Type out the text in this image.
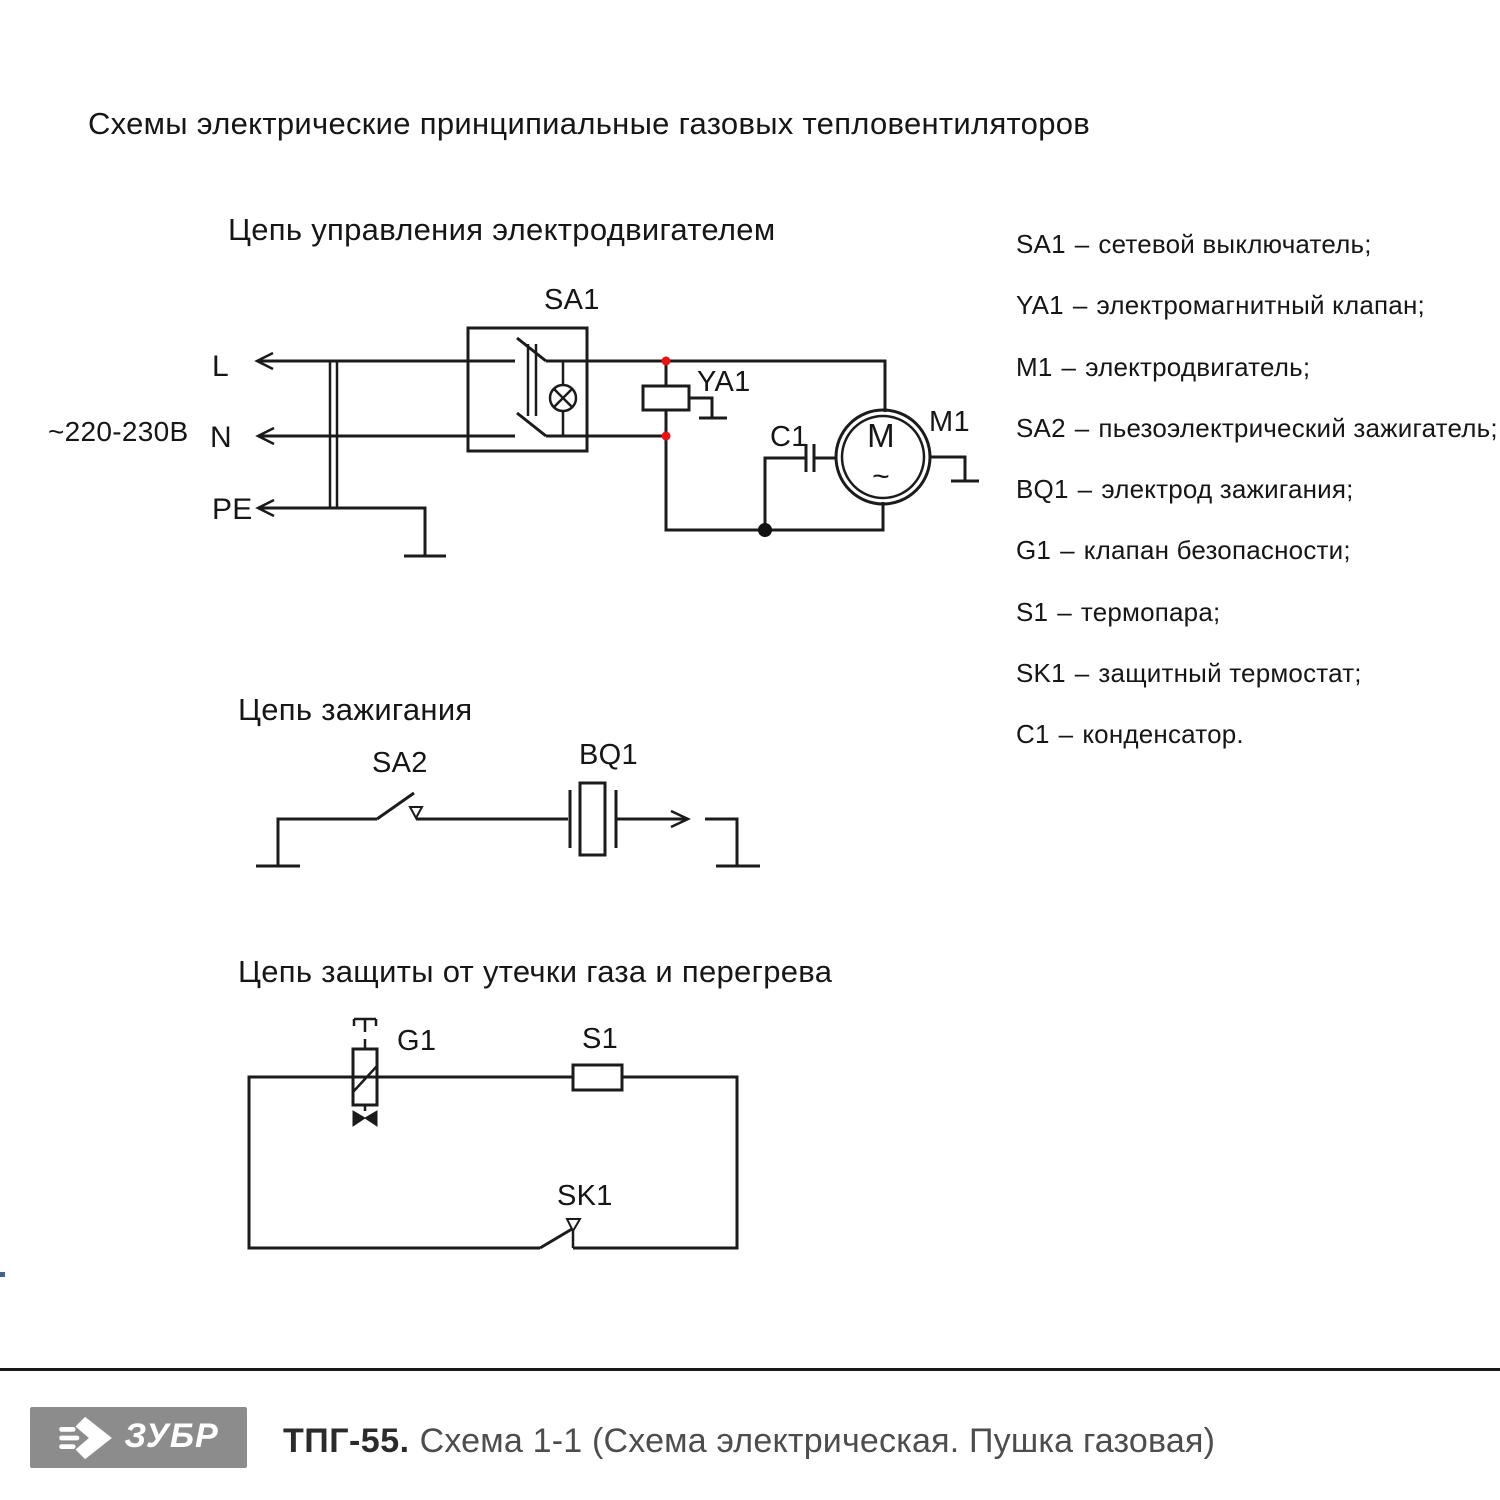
Схемы электрические принципиальные газовых тепловентиляторов
Цепь управления электродвигателем
Цепь зажигания
Цепь защиты от утечки газа и перегрева
~220-230В
L
N
PE
SA1
YA1
C1	M1
M
~
SA2	BQ1
G1	S1
SK1
SA1 – сетевой выключатель;
YA1 – электромагнитный клапан;
M1 – электродвигатель;
SA2 – пьезоэлектрический зажигатель;
BQ1 – электрод зажигания;
G1 – клапан безопасности;
S1 – термопара;
SK1 – защитный термостат;
C1 – конденсатор.
ЗУБР ТПГ-55. Схема 1-1 (Схема электрическая. Пушка газовая)
